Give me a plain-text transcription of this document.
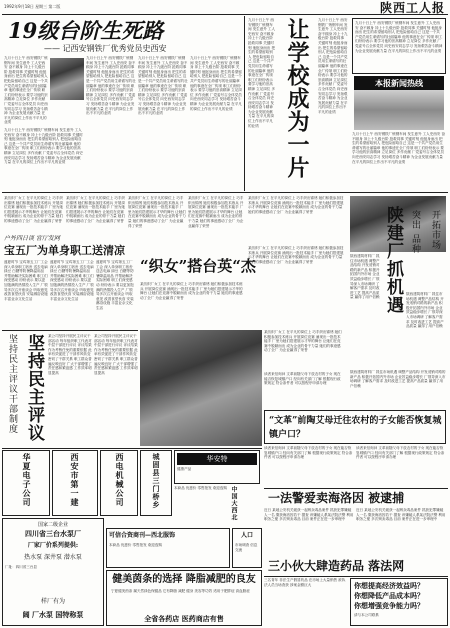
1992年9月18日 星期三 第二版	陕西工人报
19级台阶生死路
—— 记西安钢铁厂优秀党员史西安
九月十日上午 西安钢铁厂炼钢车间 发生意外 工人史西安 奋不顾身 冲上十九级台阶 抢救同事 关键时刻 他挺身而出 把生的希望留给别人 把危险留给自己 这是一个共产党员用生命谱写的壮丽篇章 他的事迹在全厂传颂 职工们纷纷表示 要学习他的崇高精神 立足岗位 多作贡献 厂党委号召全体党员 向史西安同志学习 发扬艰苦奋斗精神 为企业发展贡献力量 在平凡的岗位上作出不平凡的业绩
九月十日上午 西安钢铁厂炼钢车间 发生意外 工人史西安 奋不顾身 冲上十九级台阶 抢救同事 关键时刻 他挺身而出 把生的希望留给别人 把危险留给自己 这是一个共产党员用生命谱写的壮丽篇章 他的事迹在全厂传颂 职工们纷纷表示 要学习他的崇高精神 立足岗位 多作贡献 厂党委号召全体党员 向史西安同志学习 发扬艰苦奋斗精神 为企业发展贡献力量 在平凡的岗位上作出不平凡的业绩
九月十日上午 西安钢铁厂炼钢车间 发生意外 工人史西安 奋不顾身 冲上十九级台阶 抢救同事 关键时刻 他挺身而出 把生的希望留给别人 把危险留给自己 这是一个共产党员用生命谱写的壮丽篇章 他的事迹在全厂传颂 职工们纷纷表示 要学习他的崇高精神 立足岗位 多作贡献 厂党委号召全体党员 向史西安同志学习 发扬艰苦奋斗精神 为企业发展贡献力量 在平凡的岗位上作出不平凡的业绩
九月十日上午 西安钢铁厂炼钢车间 发生意外 工人史西安 奋不顾身 冲上十九级台阶 抢救同事 关键时刻 他挺身而出 把生的希望留给别人 把危险留给自己 这是一个共产党员用生命谱写的壮丽篇章 他的事迹在全厂传颂 职工们纷纷表示 要学习他的崇高精神 立足岗位 多作贡献 厂党委号召全体党员 向史西安同志学习 发扬艰苦奋斗精神 为企业发展贡献力量 在平凡的岗位上作出不平凡的业绩
九月十日上午 西安钢铁厂炼钢车间 发生意外 工人史西安 奋不顾身 冲上十九级台阶 抢救同事 关键时刻 他挺身而出 把生的希望留给别人 把危险留给自己 这是一个共产党员用生命谱写的壮丽篇章 他的事迹在全厂传颂 职工们纷纷表示 要学习他的崇高精神 立足岗位 多作贡献 厂党委号召全体党员 向史西安同志学习 发扬艰苦奋斗精神 为企业发展贡献力量 在平凡的岗位上作出不平凡的业绩
九月十日上午 西安钢铁厂炼钢车间 发生意外 工人史西安 奋不顾身 冲上十九级台阶 抢救同事 关键时刻 他挺身而出 把生的希望留给别人 把危险留给自己 这是一个共产党员用生命谱写的壮丽篇章 他的事迹在全厂传颂 职工们纷纷表示 要学习他的崇高精神 立足岗位 多作贡献 厂党委号召全体党员 向史西安同志学习 发扬艰苦奋斗精神 为企业发展贡献力量 在平凡的岗位上作出不平凡的业绩
让学校成为一片
九月十日上午 西安钢铁厂炼钢车间 发生意外 工人史西安 奋不顾身 冲上十九级台阶 抢救同事 关键时刻 他挺身而出 把生的希望留给别人 把危险留给自己 这是一个共产党员用生命谱写的壮丽篇章 他的事迹在全厂传颂 职工们纷纷表示 要学习他的崇高精神 立足岗位 多作贡献 厂党委号召全体党员 向史西安同志学习 发扬艰苦奋斗精神 为企业发展贡献力量 在平凡的岗位上作出不平凡的业绩
九月十日上午 西安钢铁厂炼钢车间 发生意外 工人史西安 奋不顾身 冲上十九级台阶 抢救同事 关键时刻 他挺身而出 把生的希望留给别人 把危险留给自己 这是一个共产党员用生命谱写的壮丽篇章 他的事迹在全厂传颂 职工们纷纷表示 要学习他的崇高精神 立足岗位 多作贡献 厂党委号召全体党员 向史西安同志学习 发扬艰苦奋斗精神 为企业发展贡献力量 在平凡的岗位上作出不平凡的业绩
本报新闻热线
九月十日上午 西安钢铁厂炼钢车间 发生意外 工人史西安 奋不顾身 冲上十九级台阶 抢救同事 关键时刻 他挺身而出 把生的希望留给别人 把危险留给自己 这是一个共产党员用生命谱写的壮丽篇章 他的事迹在全厂传颂 职工们纷纷表示 要学习他的崇高精神 立足岗位 多作贡献 厂党委号召全体党员 向史西安同志学习 发扬艰苦奋斗精神 为企业发展贡献力量 在平凡的岗位上作出不平凡的业绩
某纺织厂女工 在平凡的岗位上 巧手织出锦绣 她们积极参加技术练兵 开展岗位竞赛 涌现出一批技术能手 厂里为她们搭建展示才华的舞台 让她们在竞赛中脱颖而出 成为企业的骨干力量 她们的事迹感动了全厂 为企业赢得了荣誉
某纺织厂女工 在平凡的岗位上 巧手织出锦绣 她们积极参加技术练兵 开展岗位竞赛 涌现出一批技术能手 厂里为她们搭建展示才华的舞台 让她们在竞赛中脱颖而出 成为企业的骨干力量 她们的事迹感动了全厂 为企业赢得了荣誉
某纺织厂女工 在平凡的岗位上 巧手织出锦绣 她们积极参加技术练兵 开展岗位竞赛 涌现出一批技术能手 厂里为她们搭建展示才华的舞台 让她们在竞赛中脱颖而出 成为企业的骨干力量 她们的事迹感动了全厂 为企业赢得了荣誉
某纺织厂女工 在平凡的岗位上 巧手织出锦绣 她们积极参加技术练兵 开展岗位竞赛 涌现出一批技术能手 厂里为她们搭建展示才华的舞台 让她们在竞赛中脱颖而出 成为企业的骨干力量 她们的事迹感动了全厂 为企业赢得了荣誉
“织女”搭台英“杰
某纺织厂女工 在平凡的岗位上 巧手织出锦绣 她们积极参加技术练兵 开展岗位竞赛 涌现出一批技术能手 厂里为她们搭建展示才华的舞台 让她们在竞赛中脱颖而出 成为企业的骨干力量 她们的事迹感动了全厂 为企业赢得了荣誉
某纺织厂女工 在平凡的岗位上 巧手织出锦绣 她们积极参加技术练兵 开展岗位竞赛 涌现出一批技术能手 厂里为她们搭建展示才华的舞台 让她们在竞赛中脱颖而出 成为企业的骨干力量 她们的事迹感动了全厂 为企业赢得了荣誉
某纺织厂女工 在平凡的岗位上 巧手织出锦绣 她们积极参加技术练兵 开展岗位竞赛 涌现出一批技术能手 厂里为她们搭建展示才华的舞台 让她们在竞赛中脱颖而出 成为企业的骨干力量 她们的事迹感动了全厂 为企业赢得了荣誉
某纺织厂女工 在平凡的岗位上 巧手织出锦绣 她们积极参加技术练兵 开展岗位竞赛 涌现出一批技术能手 厂里为她们搭建展示才华的舞台 让她们在竞赛中脱颖而出 成为企业的骨干力量 她们的事迹感动了全厂 为企业赢得了荣誉
陕西建筑材料厂 抓住市场机遇 调整产品结构 开发适销对路的新产品 积极开拓国内外市场 企业效益稳步增长 厂领导深入市场调研 了解客户需求 及时改进工艺 提高产品质量 赢得了用户信赖 陕建厂抓机遇 突出 品种 开拓市场
陕西建筑材料厂 抓住市场机遇 调整产品结构 开发适销对路的新产品 积极开拓国内外市场 企业效益稳步增长 厂领导深入市场调研 了解客户需求 及时改进工艺 提高产品质量 赢得了用户信赖
户外四日谈 官厅发网
宝五厂为单身职工送清凉
盛夏时节 宝鸡第五工厂工会 深入单身职工宿舍 送去电扇 绿豆 白糖等防暑降温用品 并帮助解决实际困难 职工们深受感动 纷纷表示 要以更加饱满的热情投入生产 厂领导多次召开座谈会 听取意见 改善食堂伙食 安装淋浴设施 丰富业余文化生活
盛夏时节 宝鸡第五工厂工会 深入单身职工宿舍 送去电扇 绿豆 白糖等防暑降温用品 并帮助解决实际困难 职工们深受感动 纷纷表示 要以更加饱满的热情投入生产 厂领导多次召开座谈会 听取意见 改善食堂伙食 安装淋浴设施 丰富业余文化生活
盛夏时节 宝鸡第五工厂工会 深入单身职工宿舍 送去电扇 绿豆 白糖等防暑降温用品 并帮助解决实际困难 职工们深受感动 纷纷表示 要以更加饱满的热情投入生产 厂领导多次召开座谈会 听取意见 改善食堂伙食 安装淋浴设施 丰富业余文化生活
坚持民主评议干部制度 坚持民主评议
某公司坚持开展民主评议干部活动 每年组织职工代表对中层干部进行评议 评议结果作为考核任免的重要依据 此举有效促进了干部作风转变 密切了干群关系 职工群众普遍反映良好 广大干部增强了责任感和紧迫感 工作效率明显提高
某公司坚持开展民主评议干部活动 每年组织职工代表对中层干部进行评议 评议结果作为考核任免的重要依据 此举有效促进了干部作风转变 密切了干群关系 职工群众普遍反映良好 广大干部增强了责任感和紧迫感 工作效率明显提高	读者来信询问 文革前随父母下放农村的子女 现在能否恢复城镇户口 经向有关部门了解 根据现行政策规定 符合条件者 可以按程序申请办理
“文革”前陶艾母迁往农村的子女能否恢复城镇户口？
读者来信询问 文革前随父母下放农村的子女 现在能否恢复城镇户口 经向有关部门了解 根据现行政策规定 符合条件者 可以按程序申请办理
读者来信询问 文革前随父母下放农村的子女 现在能否恢复城镇户口 经向有关部门了解 根据现行政策规定 符合条件者 可以按程序申请办理
陕西建筑材料厂 抓住市场机遇 调整产品结构 开发适销对路的新产品 积极开拓国内外市场 企业效益稳步增长 厂领导深入市场调研 了解客户需求 及时改进工艺 提高产品质量 赢得了用户信赖
一法警爱卖海洛因 被逮捕
近日 某地公安机关破获一起贩卖毒品案件 抓获犯罪嫌疑人一名 缴获海洛因若干 据查 该嫌疑人系某法院法警 利用职务之便 多次贩卖毒品 目前 案件正在进一步审理中
近日 某地公安机关破获一起贩卖毒品案件 抓获犯罪嫌疑人一名 缴获海洛因若干 据查 该嫌疑人系某法院法警 利用职务之便 多次贩卖毒品 目前 案件正在进一步审理中
三小伙大肆造药品 落法网
华夏电子公司
西安市第一建
西电机械公司
城固县三门桥乡
华安特
健康产品
本商品 优惠价 零售批发 欢迎选购 中国大西北
国家二级企业
四川省三台水泵厂
厂家厂价系列提供:
热水泵 深井泵 潜水泵
厂址：四川省三台县
样厂有为
阔 厂水泵 国特称泵
可信合资商刊—西北服饰
本商品 优惠价 零售批发 欢迎选购
人口
市场调查 信息交流
健美茵条的选择 降脂减肥的良友
宁夏健美茵条 属天然绿色保健品 它有降脂 减肥 健身 美容等功效 适用于肥胖症 高血脂症
全省各药店 医药商店有售
你想提高经济效益吗？
你想降低产品成本吗？
你想增强竞争能力吗？
请与本公司联系
三名青年 非法生产假冒药品 在市场上大量销售 被执法人员当场查获 涉案金额巨大
